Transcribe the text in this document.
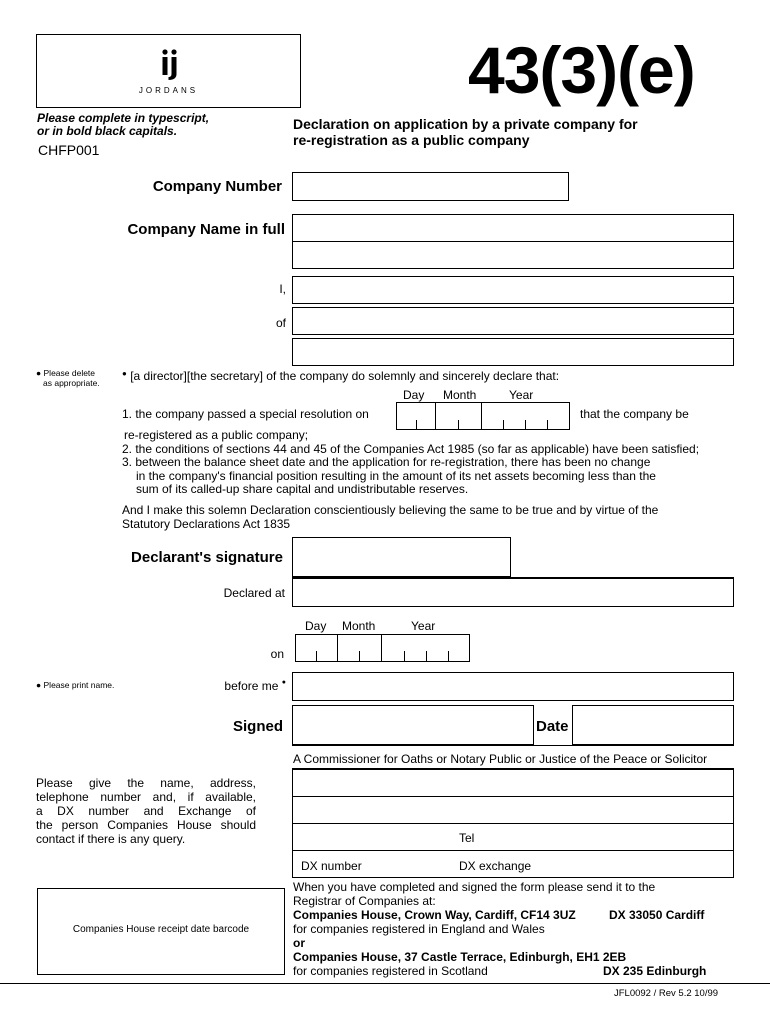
JORDANS	43(3)(e)
Please complete in typescript,
or in bold black capitals.
CHFP001
Declaration on application by a private company for
re-registration as a public company
Company Number
Company Name in full
I,
of
● Please delete
as appropriate.
● [a director][the secretary] of the company do solemnly and sincerely declare that:
Day Month	Year
1. the company passed a special resolution on	that the company be
re-registered as a public company;
2. the conditions of sections 44 and 45 of the Companies Act 1985 (so far as applicable) have been satisfied;
3. between the balance sheet date and the application for re-registration, there has been no change
in the company's financial position resulting in the amount of its net assets becoming less than the
sum of its called-up share capital and undistributable reserves.
And I make this solemn Declaration conscientiously believing the same to be true and by virtue of the
Statutory Declarations Act 1835
Declarant's signature
Declared at
Day Month	Year
on
● Please print name.	before me ●
Signed	Date
A Commissioner for Oaths or Notary Public or Justice of the Peace or Solicitor
Please give the name, address,
telephone number and, if available,
a DX number and Exchange of
the person Companies House should
contact if there is any query.	Tel
DX number	DX exchange
Companies House receipt date barcode
When you have completed and signed the form please send it to the
Registrar of Companies at:
Companies House, Crown Way, Cardiff, CF14 3UZ	DX 33050 Cardiff
for companies registered in England and Wales
or
Companies House, 37 Castle Terrace, Edinburgh, EH1 2EB
for companies registered in Scotland	DX 235 Edinburgh
JFL0092 / Rev 5.2 10/99
